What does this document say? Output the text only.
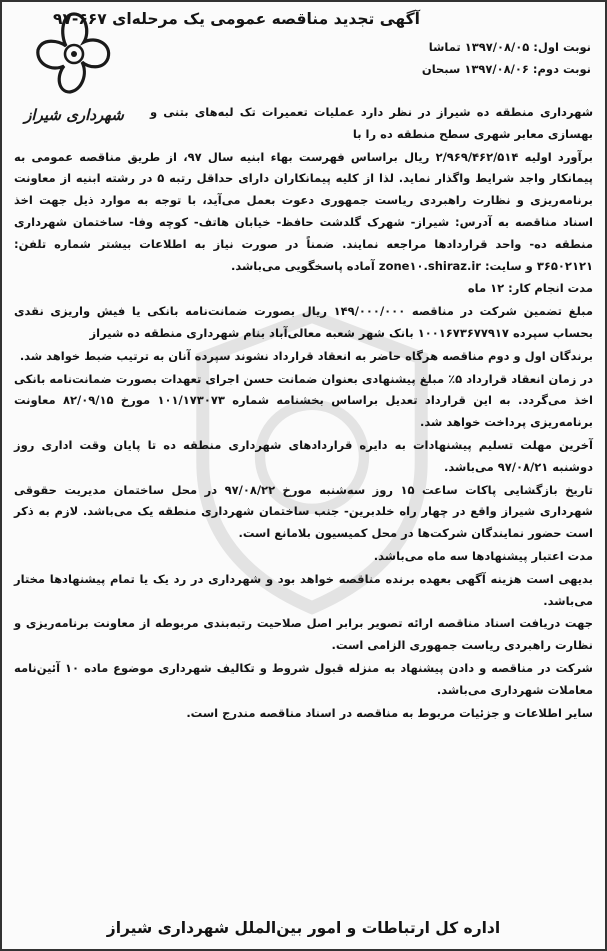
شهرداری شیراز
آگهی تجدید مناقصه عمومی یک مرحله‌ای ۶۶۷-۹۷
نوبت اول: ۱۳۹۷/۰۸/۰۵ تماشا
نوبت دوم: ۱۳۹۷/۰۸/۰۶ سبحان

شهرداری منطقه ده شیراز در نظر دارد عملیات تعمیرات تک لبه‌های بتنی و بهسازی معابر شهری سطح منطقه ده را با

برآورد اولیه ۲/۹۶۹/۴۶۲/۵۱۴ ریال براساس فهرست بهاء ابنیه سال ۹۷، از طریق مناقصه عمومی به پیمانکار واجد شرایط واگذار نماید. لذا از کلیه پیمانکاران دارای حداقل رتبه ۵ در رشته ابنیه از معاونت برنامه‌ریزی و نظارت راهبردی ریاست جمهوری دعوت بعمل می‌آید، با توجه به موارد ذیل جهت اخذ اسناد مناقصه به آدرس: شیراز- شهرک گلدشت حافظ- خیابان هاتف- کوچه وفا- ساختمان شهرداری منطقه ده- واحد قراردادها مراجعه نمایند. ضمناً در صورت نیاز به اطلاعات بیشتر شماره تلفن: ۳۶۵۰۲۱۲۱ و سایت: zone۱۰.shiraz.ir آماده پاسخگویی می‌باشد.

مدت انجام کار: ۱۲ ماه

مبلغ تضمین شرکت در مناقصه ۱۴۹/۰۰۰/۰۰۰ ریال بصورت ضمانت‌نامه بانکی یا فیش واریزی نقدی بحساب سپرده ۱۰۰۱۶۷۳۶۷۷۹۱۷ بانک شهر شعبه معالی‌آباد بنام شهرداری منطقه ده شیراز

برندگان اول و دوم مناقصه هرگاه حاضر به انعقاد قرارداد نشوند سپرده آنان به ترتیب ضبط خواهد شد.

در زمان انعقاد قرارداد ۵٪ مبلغ پیشنهادی بعنوان ضمانت حسن اجرای تعهدات بصورت ضمانت‌نامه بانکی اخذ می‌گردد. به این قرارداد تعدیل براساس بخشنامه شماره ۱۰۱/۱۷۳۰۷۳ مورخ ۸۲/۰۹/۱۵ معاونت برنامه‌ریزی پرداخت خواهد شد.

آخرین مهلت تسلیم پیشنهادات به دایره قراردادهای شهرداری منطقه ده تا پایان وقت اداری روز دوشنبه ۹۷/۰۸/۲۱ می‌باشد.

تاریخ بازگشایی پاکات ساعت ۱۵ روز سه‌شنبه مورخ ۹۷/۰۸/۲۲ در محل ساختمان مدیریت حقوقی شهرداری شیراز واقع در چهار راه خلدبرین- جنب ساختمان شهرداری منطقه یک می‌باشد. لازم به ذکر است حضور نمایندگان شرکت‌ها در محل کمیسیون بلامانع است.

مدت اعتبار پیشنهادها سه ماه می‌باشد.

بدیهی است هزینه آگهی بعهده برنده مناقصه خواهد بود و شهرداری در رد یک یا تمام پیشنهادها مختار می‌باشد.

جهت دریافت اسناد مناقصه ارائه تصویر برابر اصل صلاحیت رتبه‌بندی مربوطه از معاونت برنامه‌ریزی و نظارت راهبردی ریاست جمهوری الزامی است.

شرکت در مناقصه و دادن پیشنهاد به منزله قبول شروط و تکالیف شهرداری موضوع ماده ۱۰ آئین‌نامه معاملات شهرداری می‌باشد.

سایر اطلاعات و جزئیات مربوط به مناقصه در اسناد مناقصه مندرج است.

اداره کل ارتباطات و امور بین‌الملل شهرداری شیراز
